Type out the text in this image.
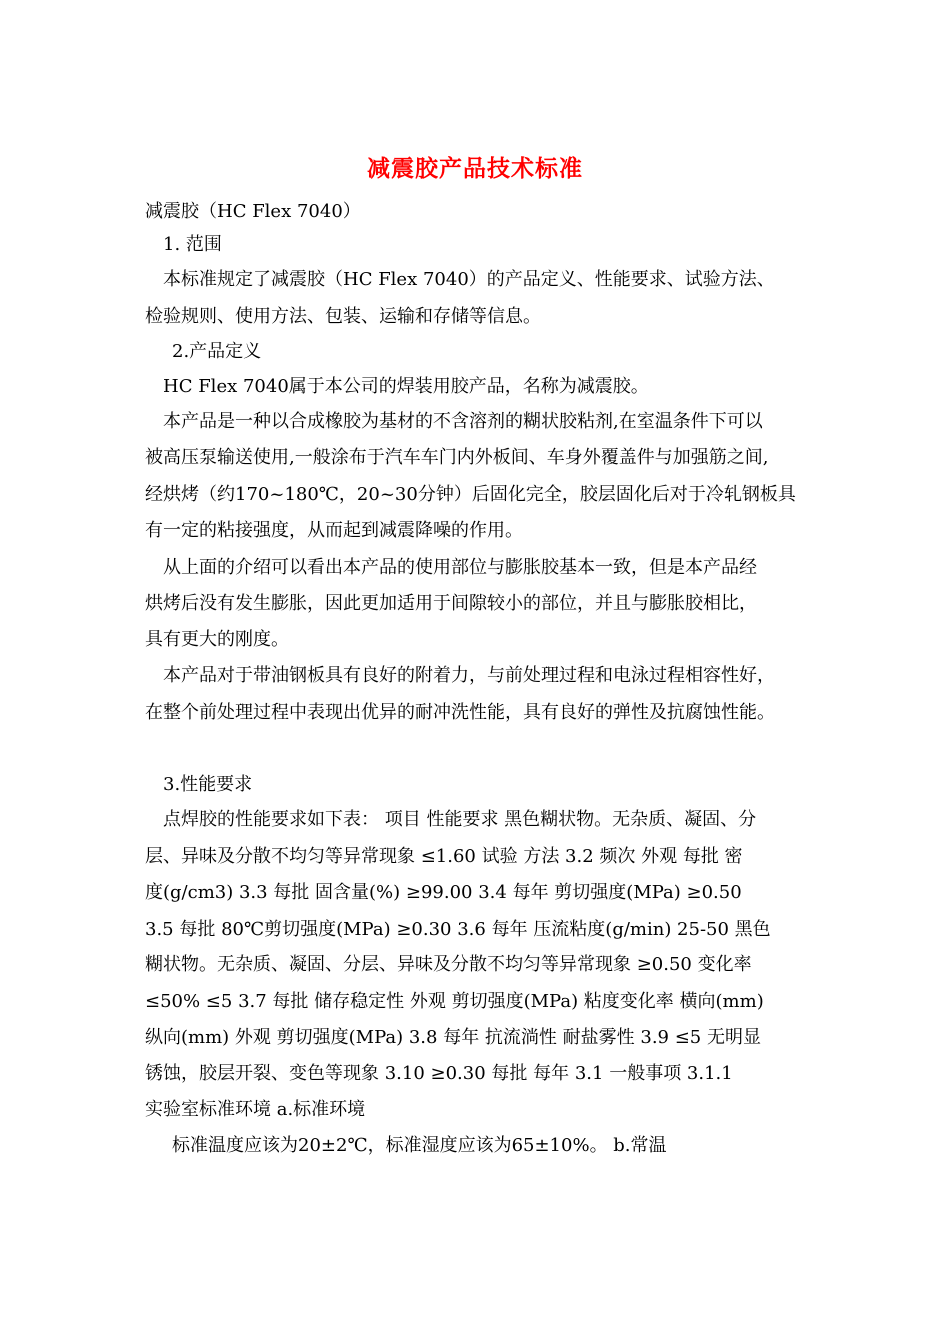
减震胶产品技术标准
减震胶（HC Flex 7040）
1. 范围
本标准规定了减震胶（HC Flex 7040）的产品定义、性能要求、试验方法、
检验规则、使用方法、包装、运输和存储等信息。
2.产品定义
HC Flex 7040属于本公司的焊装用胶产品，名称为减震胶。
本产品是一种以合成橡胶为基材的不含溶剂的糊状胶粘剂,在室温条件下可以
被高压泵输送使用,一般涂布于汽车车门内外板间、车身外覆盖件与加强筋之间,
经烘烤（约170~180℃，20~30分钟）后固化完全，胶层固化后对于冷轧钢板具
有一定的粘接强度，从而起到减震降噪的作用。
从上面的介绍可以看出本产品的使用部位与膨胀胶基本一致，但是本产品经
烘烤后没有发生膨胀，因此更加适用于间隙较小的部位，并且与膨胀胶相比，
具有更大的刚度。
本产品对于带油钢板具有良好的附着力，与前处理过程和电泳过程相容性好，
在整个前处理过程中表现出优异的耐冲洗性能，具有良好的弹性及抗腐蚀性能。
3.性能要求
点焊胶的性能要求如下表： 项目 性能要求 黑色糊状物。无杂质、凝固、分
层、异味及分散不均匀等异常现象 ≤1.60 试验 方法 3.2 频次 外观 每批 密
度(g/cm3) 3.3 每批 固含量(%) ≥99.00 3.4 每年 剪切强度(MPa) ≥0.50
3.5 每批 80℃剪切强度(MPa) ≥0.30 3.6 每年 压流粘度(g/min) 25-50 黑色
糊状物。无杂质、凝固、分层、异味及分散不均匀等异常现象 ≥0.50 变化率
≤50% ≤5 3.7 每批 储存稳定性 外观 剪切强度(MPa) 粘度变化率 横向(mm)
纵向(mm) 外观 剪切强度(MPa) 3.8 每年 抗流淌性 耐盐雾性 3.9 ≤5 无明显
锈蚀，胶层开裂、变色等现象 3.10 ≥0.30 每批 每年 3.1 一般事项 3.1.1
实验室标准环境 a.标准环境
标准温度应该为20±2℃，标准湿度应该为65±10%。 b.常温
